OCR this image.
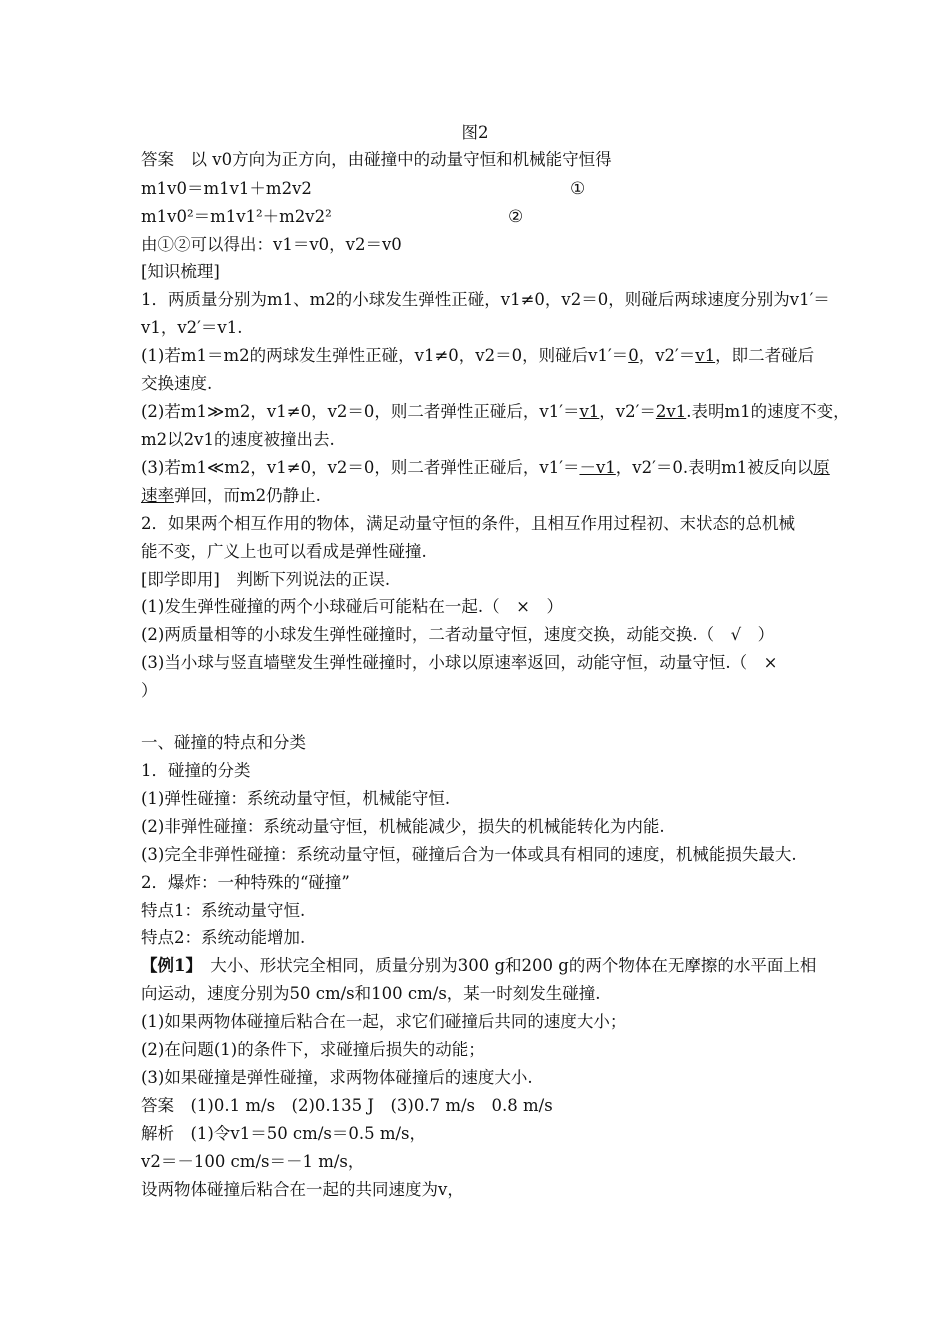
图2
答案　 以 v0方向为正方向，由碰撞中的动量守恒和机械能守恒得
m1v0＝m1v1＋m2v2	①
m1v0²＝m1v1²＋m2v2²	②
由①②可以得出：v1＝v0，v2＝v0
[知识梳理]
1．两质量分别为m1、m2的小球发生弹性正碰，v1≠0，v2＝0，则碰后两球速度分别为v1′＝
v1，v2′＝v1.
(1)若m1＝m2的两球发生弹性正碰，v1≠0，v2＝0，则碰后v1′＝0，v2′＝v1，即二者碰后
交换速度.
(2)若m1≫m2，v1≠0，v2＝0，则二者弹性正碰后，v1′＝v1，v2′＝2v1.表明m1的速度不变，
m2以2v1的速度被撞出去.
(3)若m1≪m2，v1≠0，v2＝0，则二者弹性正碰后，v1′＝－v1，v2′＝0.表明m1被反向以原
速率弹回，而m2仍静止.
2．如果两个相互作用的物体，满足动量守恒的条件，且相互作用过程初、末状态的总机械
能不变，广义上也可以看成是弹性碰撞.
[即学即用]　 判断下列说法的正误.
(1)发生弹性碰撞的两个小球碰后可能粘在一起.（　×　）
(2)两质量相等的小球发生弹性碰撞时，二者动量守恒，速度交换，动能交换.（　√　）
(3)当小球与竖直墙壁发生弹性碰撞时，小球以原速率返回，动能守恒，动量守恒.（　×
）
一、碰撞的特点和分类
1．碰撞的分类
(1)弹性碰撞：系统动量守恒，机械能守恒.
(2)非弹性碰撞：系统动量守恒，机械能减少，损失的机械能转化为内能.
(3)完全非弹性碰撞：系统动量守恒，碰撞后合为一体或具有相同的速度，机械能损失最大.
2．爆炸：一种特殊的“碰撞”
特点1：系统动量守恒.
特点2：系统动能增加.
【例1】　 大小、形状完全相同，质量分别为300 g和200 g的两个物体在无摩擦的水平面上相
向运动，速度分别为50 cm/s和100 cm/s，某一时刻发生碰撞.
(1)如果两物体碰撞后粘合在一起，求它们碰撞后共同的速度大小；
(2)在问题(1)的条件下，求碰撞后损失的动能；
(3)如果碰撞是弹性碰撞，求两物体碰撞后的速度大小.
答案　 (1)0.1 m/s　(2)0.135 J　(3)0.7 m/s　0.8 m/s
解析　 (1)令v1＝50 cm/s＝0.5 m/s，
v2＝－100 cm/s＝－1 m/s，
设两物体碰撞后粘合在一起的共同速度为v，
